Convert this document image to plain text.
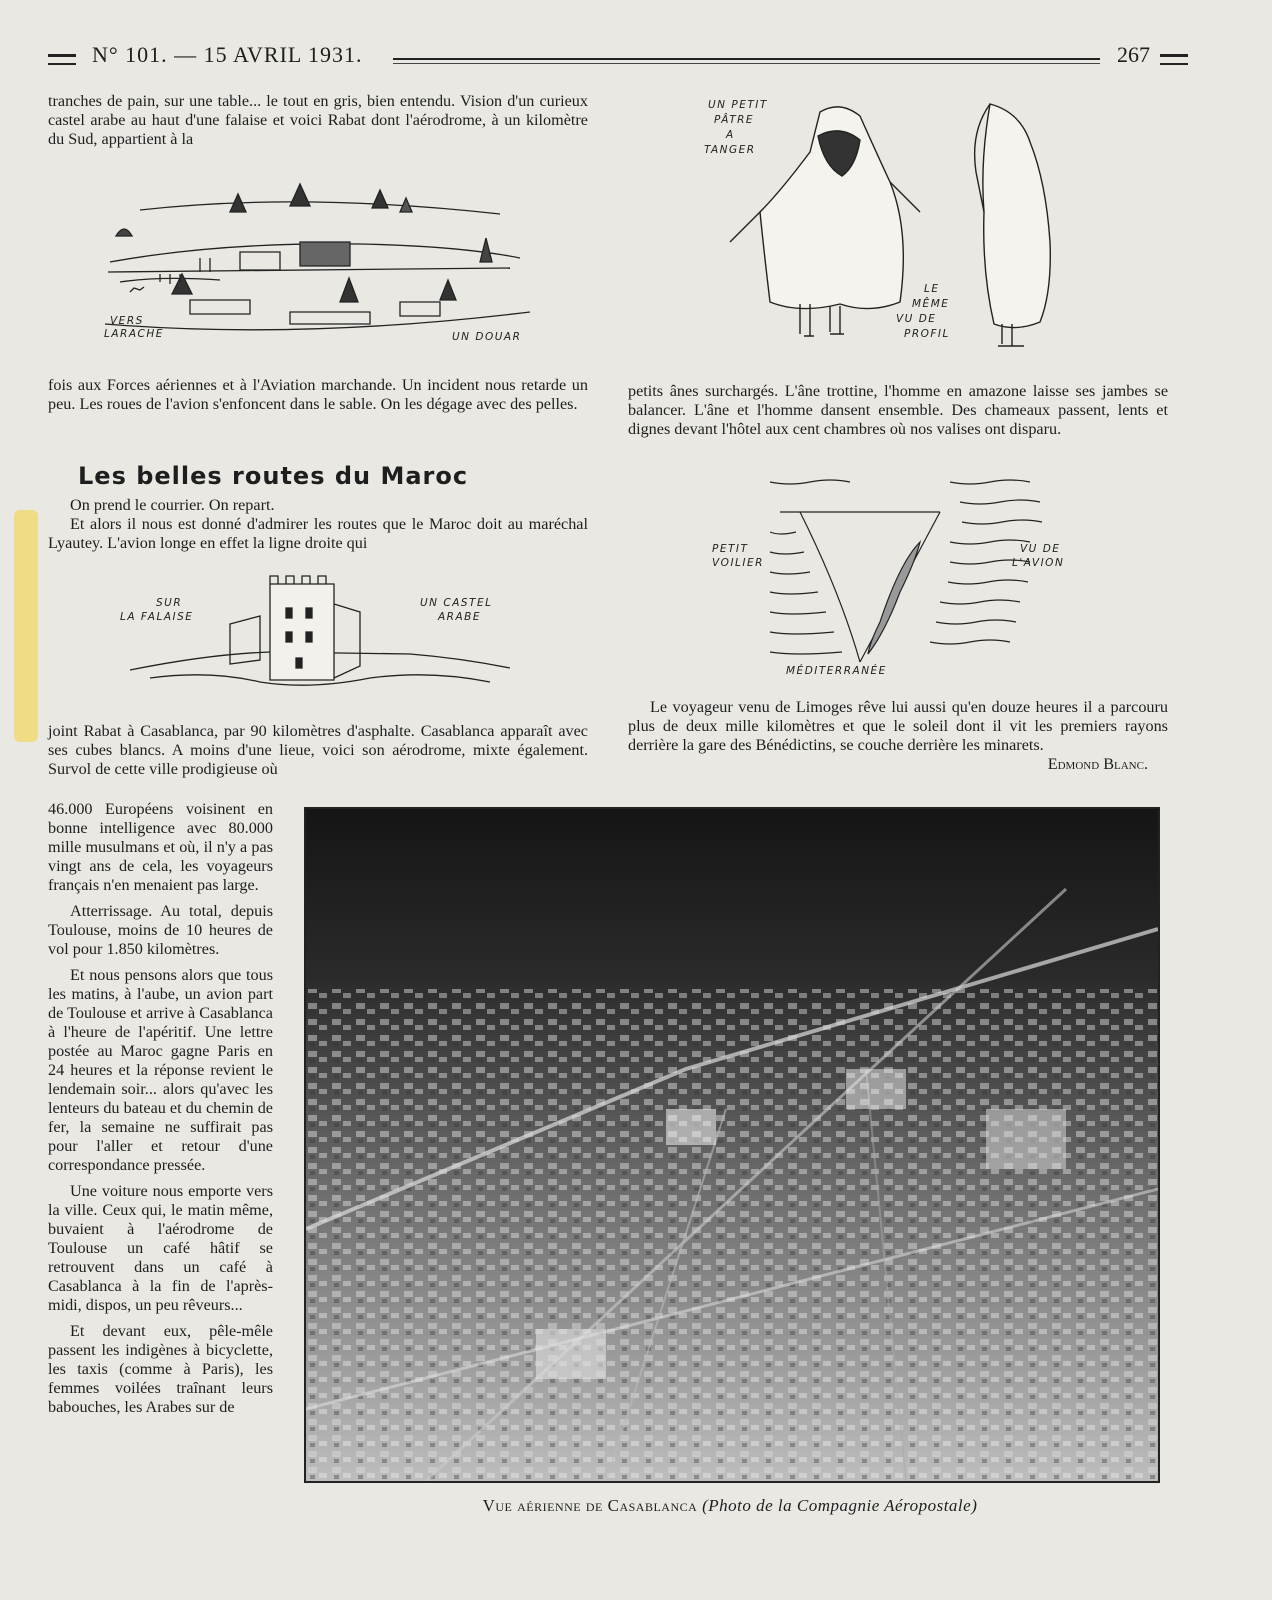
N° 101. — 15 AVRIL 1931.	267

tranches de pain, sur une table... le tout en gris, bien entendu. Vision d'un curieux castel arabe au haut d'une falaise et voici Rabat dont l'aérodrome, à un kilomètre du Sud, appartient à la

VERS LARACHE	UN DOUAR

fois aux Forces aériennes et à l'Aviation marchande. Un incident nous retarde un peu. Les roues de l'avion s'enfoncent dans le sable. On les dégage avec des pelles.

Les belles routes du Maroc

On prend le courrier. On repart.

Et alors il nous est donné d'admirer les routes que le Maroc doit au maréchal Lyautey. L'avion longe en effet la ligne droite qui

SUR LA FALAISE
UN CASTEL ARABE

joint Rabat à Casablanca, par 90 kilomètres d'asphalte. Casablanca apparaît avec ses cubes blancs. A moins d'une lieue, voici son aérodrome, mixte également. Survol de cette ville prodigieuse où

46.000 Européens voisinent en bonne intelligence avec 80.000 mille musulmans et où, il n'y a pas vingt ans de cela, les voyageurs français n'en menaient pas large.

Atterrissage. Au total, depuis Toulouse, moins de 10 heures de vol pour 1.850 kilomètres.

Et nous pensons alors que tous les matins, à l'aube, un avion part de Toulouse et arrive à Casablanca à l'heure de l'apéritif. Une lettre postée au Maroc gagne Paris en 24 heures et la réponse revient le lendemain soir... alors qu'avec les lenteurs du bateau et du chemin de fer, la semaine ne suffirait pas pour l'aller et retour d'une correspondance pressée.

Une voiture nous emporte vers la ville. Ceux qui, le matin même, buvaient à l'aérodrome de Toulouse un café hâtif se retrouvent dans un café à Casablanca à la fin de l'après-midi, dispos, un peu rêveurs...

Et devant eux, pêle-mêle passent les indigènes à bicyclette, les taxis (comme à Paris), les femmes voilées traînant leurs babouches, les Arabes sur de

UN PETIT PÂTRE A TANGER
LE MÊME VU DE PROFIL

petits ânes surchargés. L'âne trottine, l'homme en amazone laisse ses jambes se balancer. L'âne et l'homme dansent ensemble. Des chameaux passent, lents et dignes devant l'hôtel aux cent chambres où nos valises ont disparu.

PETIT VOILIER
VU DE L'AVION
MÉDITERRANÉE

Le voyageur venu de Limoges rêve lui aussi qu'en douze heures il a parcouru plus de deux mille kilomètres et que le soleil dont il vit les premiers rayons derrière la gare des Bénédictins, se couche derrière les minarets.

Edmond Blanc.

Vue aérienne de Casablanca (Photo de la Compagnie Aéropostale)
